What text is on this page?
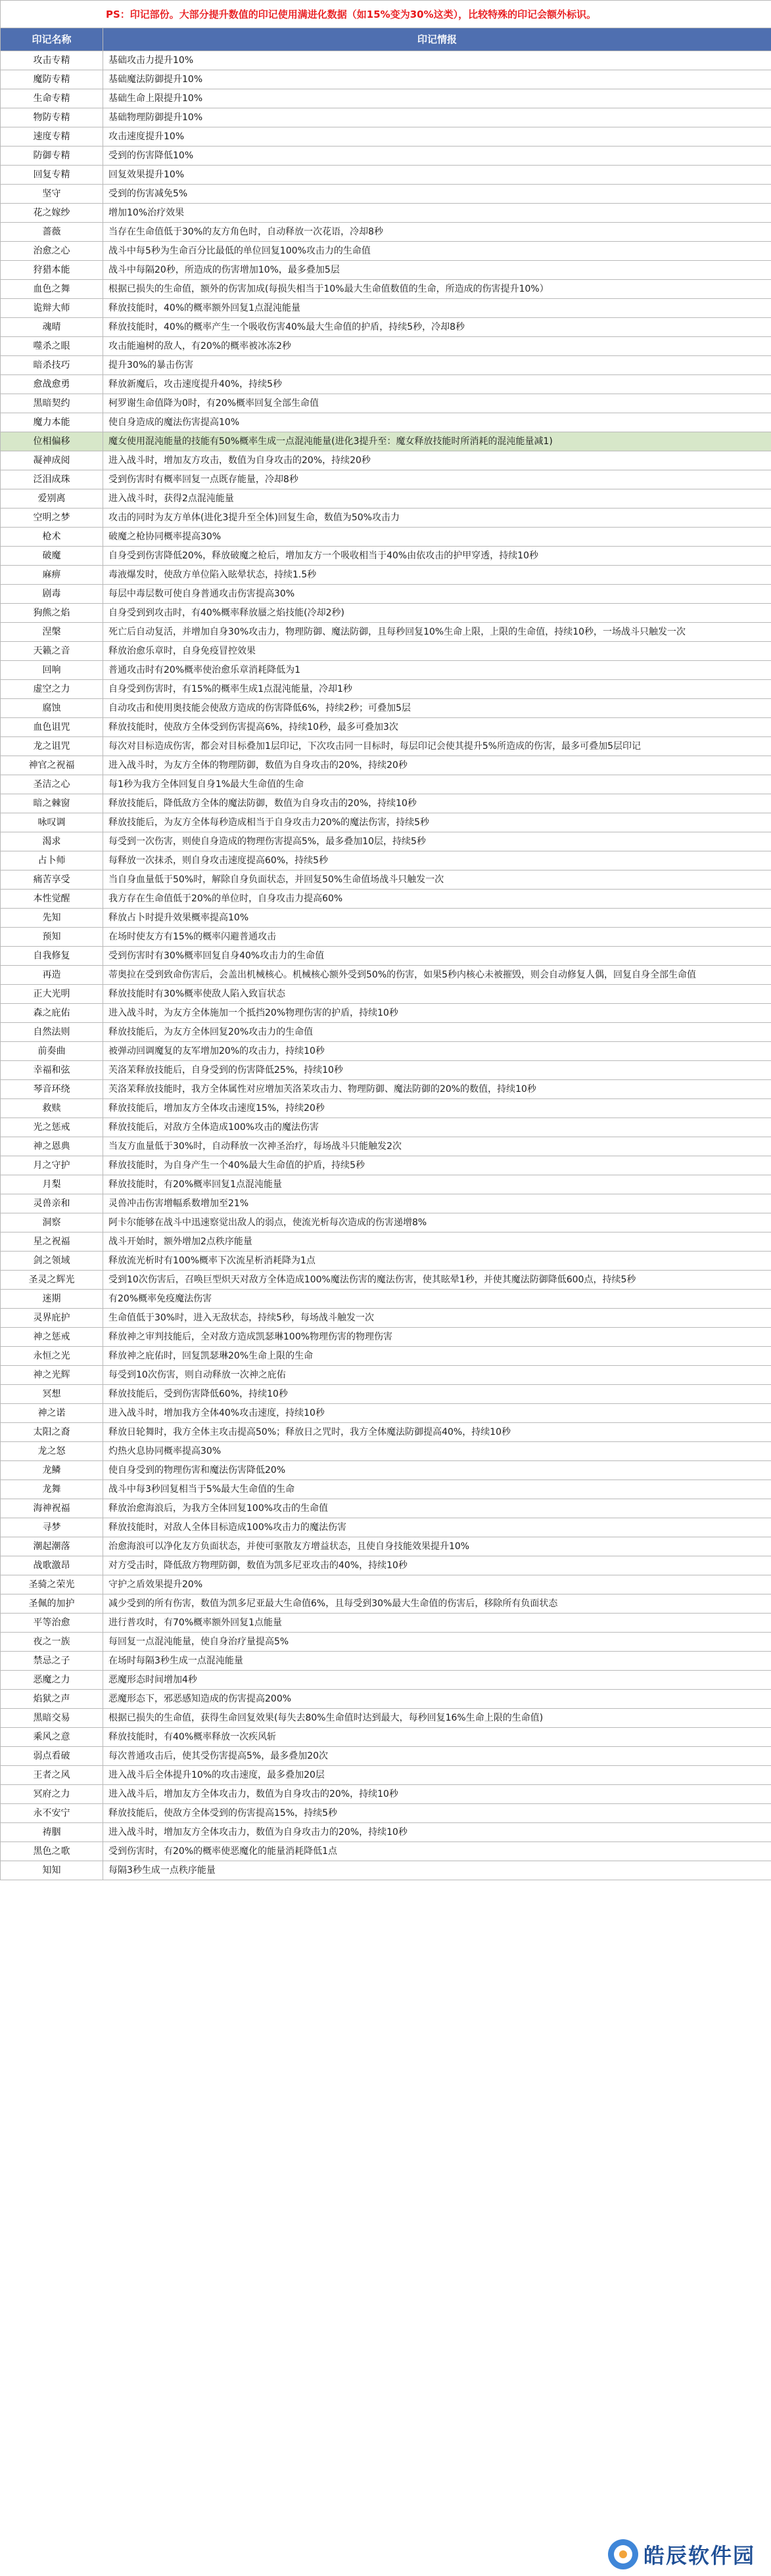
PS：印记部份。大部分提升数值的印记使用满进化数据（如15%变为30%这类），比较特殊的印记会额外标识。	
印记名称	印记情报
攻击专精	基础攻击力提升10%
魔防专精	基础魔法防御提升10%
生命专精	基础生命上限提升10%
物防专精	基础物理防御提升10%
速度专精	攻击速度提升10%
防御专精	受到的伤害降低10%
回复专精	回复效果提升10%
坚守	受到的伤害减免5%
花之嫁纱	增加10%治疗效果
蔷薇	当存在生命值低于30%的友方角色时，自动释放一次花语，冷却8秒
治愈之心	战斗中每5秒为生命百分比最低的单位回复100%攻击力的生命值
狩猎本能	战斗中每隔20秒，所造成的伤害增加10%，最多叠加5层
血色之舞	根据已损失的生命值，额外的伤害加成(每损失相当于10%最大生命值数值的生命，所造成的伤害提升10%）
诡辩大师	释放技能时，40%的概率额外回复1点混沌能量
魂晴	释放技能时，40%的概率产生一个吸收伤害40%最大生命值的护盾，持续5秒，冷却8秒
噬杀之眼	攻击能遍树的敌人，有20%的概率被冰冻2秒
暗杀技巧	提升30%的暴击伤害
愈战愈勇	释放新魔后，攻击速度提升40%，持续5秒
黑暗契约	柯罗谢生命值降为0时，有20%概率回复全部生命值
魔力本能	使自身造成的魔法伤害提高10%
位相偏移	魔女使用混沌能量的技能有50%概率生成一点混沌能量(进化3提升至：魔女释放技能时所消耗的混沌能量减1)
凝神成阅	进入战斗时，增加友方攻击，数值为自身攻击的20%，持续20秒
泛泪成珠	受到伤害时有概率回复一点既存能量，冷却8秒
爱别离	进入战斗时，获得2点混沌能量
空明之梦	攻击的同时为友方单体(进化3提升至全体)回复生命，数值为50%攻击力
枪术	破魔之枪协同概率提高30%
破魔	自身受到伤害降低20%，释放破魔之枪后，增加友方一个吸收相当于40%由依攻击的护甲穿透，持续10秒
麻痹	毒液爆发时，使敌方单位陷入眩晕状态，持续1.5秒
剧毒	每层中毒层数可使自身普通攻击伤害提高30%
狗熊之焰	自身受到到攻击时，有40%概率释放蜃之焰技能(冷却2秒)
涅槃	死亡后自动复活，并增加自身30%攻击力，物理防御、魔法防御，且每秒回复10%生命上限，上限的生命值，持续10秒，一场战斗只触发一次
天籁之音	释放治愈乐章时，自身免疫冒控效果
回响	普通攻击时有20%概率使治愈乐章消耗降低为1
虚空之力	自身受到伤害时，有15%的概率生成1点混沌能量，冷却1秒
腐蚀	自动攻击和使用奥技能会使敌方造成的伤害降低6%，持续2秒；可叠加5层
血色诅咒	释放技能时，使敌方全体受到伤害提高6%，持续10秒，最多可叠加3次
龙之诅咒	每次对目标造成伤害，都会对目标叠加1层印记，下次攻击同一目标时，每层印记会使其提升5%所造成的伤害，最多可叠加5层印记
神官之祝福	进入战斗时，为友方全体的物理防御，数值为自身攻击的20%，持续20秒
圣洁之心	每1秒为我方全体回复自身1%最大生命值的生命
暗之棘窗	释放技能后，降低敌方全体的魔法防御，数值为自身攻击的20%，持续10秒
咏叹调	释放技能后，为友方全体每秒造成相当于自身攻击力20%的魔法伤害，持续5秒
渴求	每受到一次伤害，则使自身造成的物理伤害提高5%，最多叠加10层，持续5秒
占卜师	每释放一次抹杀，则自身攻击速度提高60%，持续5秒
痛苦享受	当自身血量低于50%时，解除自身负面状态，并回复50%生命值场战斗只触发一次
本性觉醒	我方存在生命值低于20%的单位时，自身攻击力提高60%
先知	释放占卜时提升效果概率提高10%
预知	在场时使友方有15%的概率闪避普通攻击
自我修复	受到伤害时有30%概率回复自身40%攻击力的生命值
再造	蒂奥拉在受到致命伤害后，会盖出机械核心。机械核心额外受到50%的伤害，如果5秒内核心未被摧毁，则会自动修复人偶，回复自身全部生命值
正大光明	释放技能时有30%概率使敌人陷入致盲状态
森之庇佑	进入战斗时，为友方全体施加一个抵挡20%物理伤害的护盾，持续10秒
自然法则	释放技能后，为友方全体回复20%攻击力的生命值
前奏曲	被弹动回调魔复的友军增加20%的攻击力，持续10秒
幸福和弦	芙洛茉释放技能后，自身受到的伤害降低25%，持续10秒
琴音环绕	芙洛茉释放技能时，我方全体属性对应增加芙洛茉攻击力、物理防御、魔法防御的20%的数值，持续10秒
救赎	释放技能后，增加友方全体攻击速度15%，持续20秒
光之惩戒	释放技能后，对敌方全体造成100%攻击的魔法伤害
神之恩典	当友方血量低于30%时，自动释放一次神圣治疗，每场战斗只能触发2次
月之守护	释放技能时，为自身产生一个40%最大生命值的护盾，持续5秒
月梨	释放技能时，有20%概率回复1点混沌能量
灵兽亲和	灵兽冲击伤害增幅系数增加至21%
洞察	阿卡尔能够在战斗中迅速察觉出敌人的弱点，使流光析每次造成的伤害递增8%
星之祝福	战斗开始时，额外增加2点秩序能量
剑之领域	释放流光析时有100%概率下次流星析消耗降为1点
圣灵之辉光	受到10次伤害后，召唤巨型炽天对敌方全体造成100%魔法伤害的魔法伤害，使其眩晕1秒，并使其魔法防御降低600点，持续5秒
迷期	有20%概率免疫魔法伤害
灵界庇护	生命值低于30%时，进入无敌状态，持续5秒，每场战斗触发一次
神之惩戒	释放神之审判技能后，全对敌方造成凯瑟琳100%物理伤害的物理伤害
永恒之光	释放神之庇佑时，回复凯瑟琳20%生命上限的生命
神之光辉	每受到10次伤害，则自动释放一次神之庇佑
冥想	释放技能后，受到伤害降低60%，持续10秒
神之诺	进入战斗时，增加我方全体40%攻击速度，持续10秒
太阳之裔	释放日轮舞时，我方全体主攻击提高50%；释放日之咒时，我方全体魔法防御提高40%，持续10秒
龙之怒	灼热火息协同概率提高30%
龙鳞	使自身受到的物理伤害和魔法伤害降低20%
龙舞	战斗中每3秒回复相当于5%最大生命值的生命
海神祝福	释放治愈海浪后，为我方全体回复100%攻击的生命值
寻梦	释放技能时，对敌人全体目标造成100%攻击力的魔法伤害
潮起潮落	治愈海浪可以净化友方负面状态，并使可驱散友方增益状态，且使自身技能效果提升10%
战歌激昂	对方受击时，降低敌方物理防御，数值为凯多尼亚攻击的40%，持续10秒
圣骑之荣光	守护之盾效果提升20%
圣佩的加护	减少受到的所有伤害，数值为凯多尼亚最大生命值6%，且每受到30%最大生命值的伤害后，移除所有负面状态
平等治愈	进行普攻时，有70%概率额外回复1点能量
夜之一族	每回复一点混沌能量，使自身治疗量提高5%
禁忌之子	在场时每隔3秒生成一点混沌能量
恶魔之力	恶魔形态时间增加4秒
焰狱之声	恶魔形态下，邪恶感知造成的伤害提高200%
黑暗交易	根据已损失的生命值，获得生命回复效果(每失去80%生命值时达到最大，每秒回复16%生命上限的生命值)
乘风之意	释放技能时，有40%概率释放一次疾风斩
弱点看破	每次普通攻击后，使其受伤害提高5%，最多叠加20次
王者之风	进入战斗后全体提升10%的攻击速度，最多叠加20层
冥府之力	进入战斗后，增加友方全体攻击力，数值为自身攻击的20%，持续10秒
永不安宁	释放技能后，使敌方全体受到的伤害提高15%，持续5秒
祷胭	进入战斗时，增加友方全体攻击力，数值为自身攻击力的20%，持续10秒
黑色之歌	受到伤害时，有20%的概率使恶魔化的能量消耗降低1点
知知	每隔3秒生成一点秩序能量
皓辰软件园
